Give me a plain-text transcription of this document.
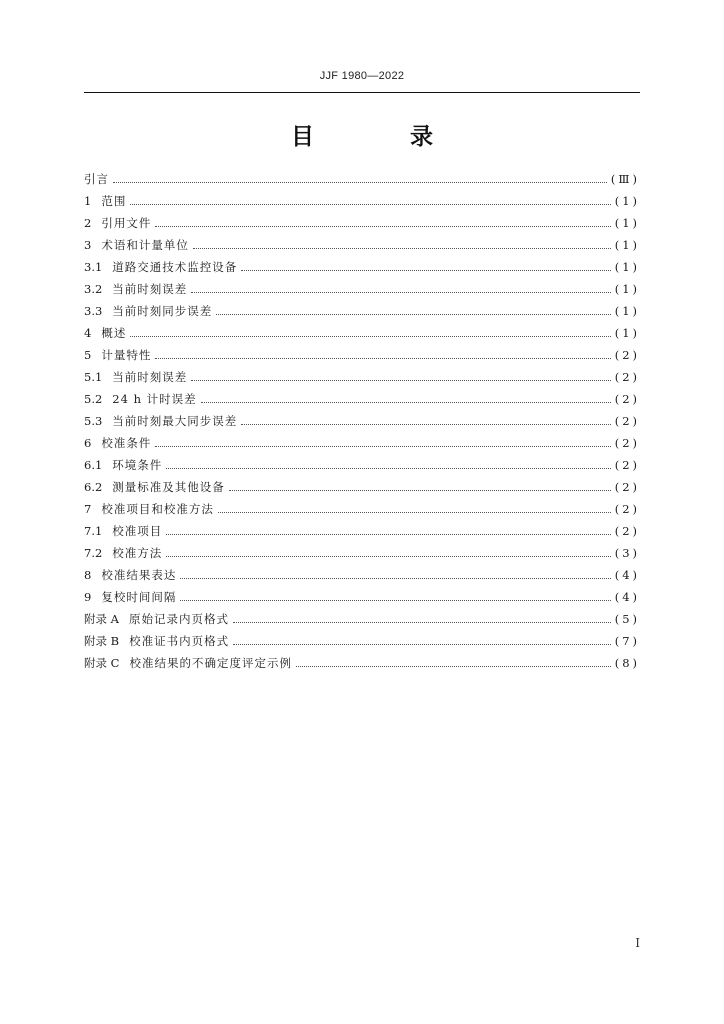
JJF 1980—2022
目 录
引言	(Ⅲ)
1 范围	(1)
2 引用文件	(1)
3 术语和计量单位	(1)
3.1 道路交通技术监控设备	(1)
3.2 当前时刻误差	(1)
3.3 当前时刻同步误差	(1)
4 概述	(1)
5 计量特性	(2)
5.1 当前时刻误差	(2)
5.2 24 h 计时误差	(2)
5.3 当前时刻最大同步误差	(2)
6 校准条件	(2)
6.1 环境条件	(2)
6.2 测量标准及其他设备	(2)
7 校准项目和校准方法	(2)
7.1 校准项目	(2)
7.2 校准方法	(3)
8 校准结果表达	(4)
9 复校时间间隔	(4)
附录 A 原始记录内页格式	(5)
附录 B 校准证书内页格式	(7)
附录 C 校准结果的不确定度评定示例	(8)
Ⅰ
